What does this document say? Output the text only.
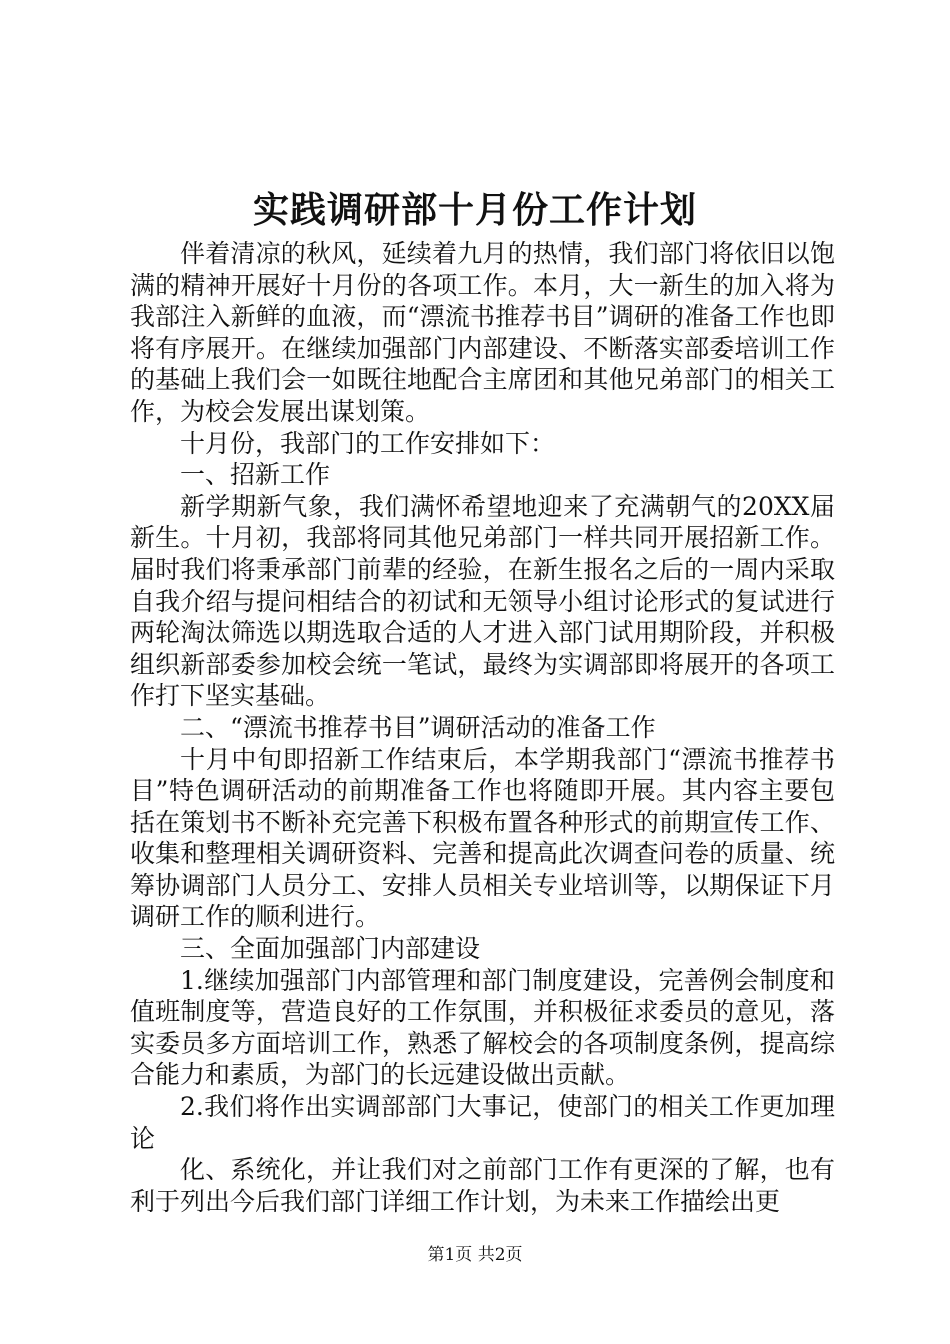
实践调研部十月份工作计划

伴着清凉的秋风，延续着九月的热情，我们部门将依旧以饱满的精神开展好十月份的各项工作。本月，大一新生的加入将为我部注入新鲜的血液，而“漂流书推荐书目”调研的准备工作也即将有序展开。在继续加强部门内部建设、不断落实部委培训工作的基础上我们会一如既往地配合主席团和其他兄弟部门的相关工作，为校会发展出谋划策。

十月份，我部门的工作安排如下：

一、招新工作

新学期新气象，我们满怀希望地迎来了充满朝气的20XX届新生。十月初，我部将同其他兄弟部门一样共同开展招新工作。届时我们将秉承部门前辈的经验，在新生报名之后的一周内采取自我介绍与提问相结合的初试和无领导小组讨论形式的复试进行两轮淘汰筛选以期选取合适的人才进入部门试用期阶段，并积极组织新部委参加校会统一笔试，最终为实调部即将展开的各项工作打下坚实基础。

二、“漂流书推荐书目”调研活动的准备工作

十月中旬即招新工作结束后，本学期我部门“漂流书推荐书目”特色调研活动的前期准备工作也将随即开展。其内容主要包括在策划书不断补充完善下积极布置各种形式的前期宣传工作、收集和整理相关调研资料、完善和提高此次调查问卷的质量、统筹协调部门人员分工、安排人员相关专业培训等，以期保证下月调研工作的顺利进行。

三、全面加强部门内部建设

1.继续加强部门内部管理和部门制度建设，完善例会制度和值班制度等，营造良好的工作氛围，并积极征求委员的意见，落实委员多方面培训工作，熟悉了解校会的各项制度条例，提高综合能力和素质，为部门的长远建设做出贡献。

2.我们将作出实调部部门大事记，使部门的相关工作更加理论

化、系统化，并让我们对之前部门工作有更深的了解，也有利于列出今后我们部门详细工作计划，为未来工作描绘出更

第1页 共2页
